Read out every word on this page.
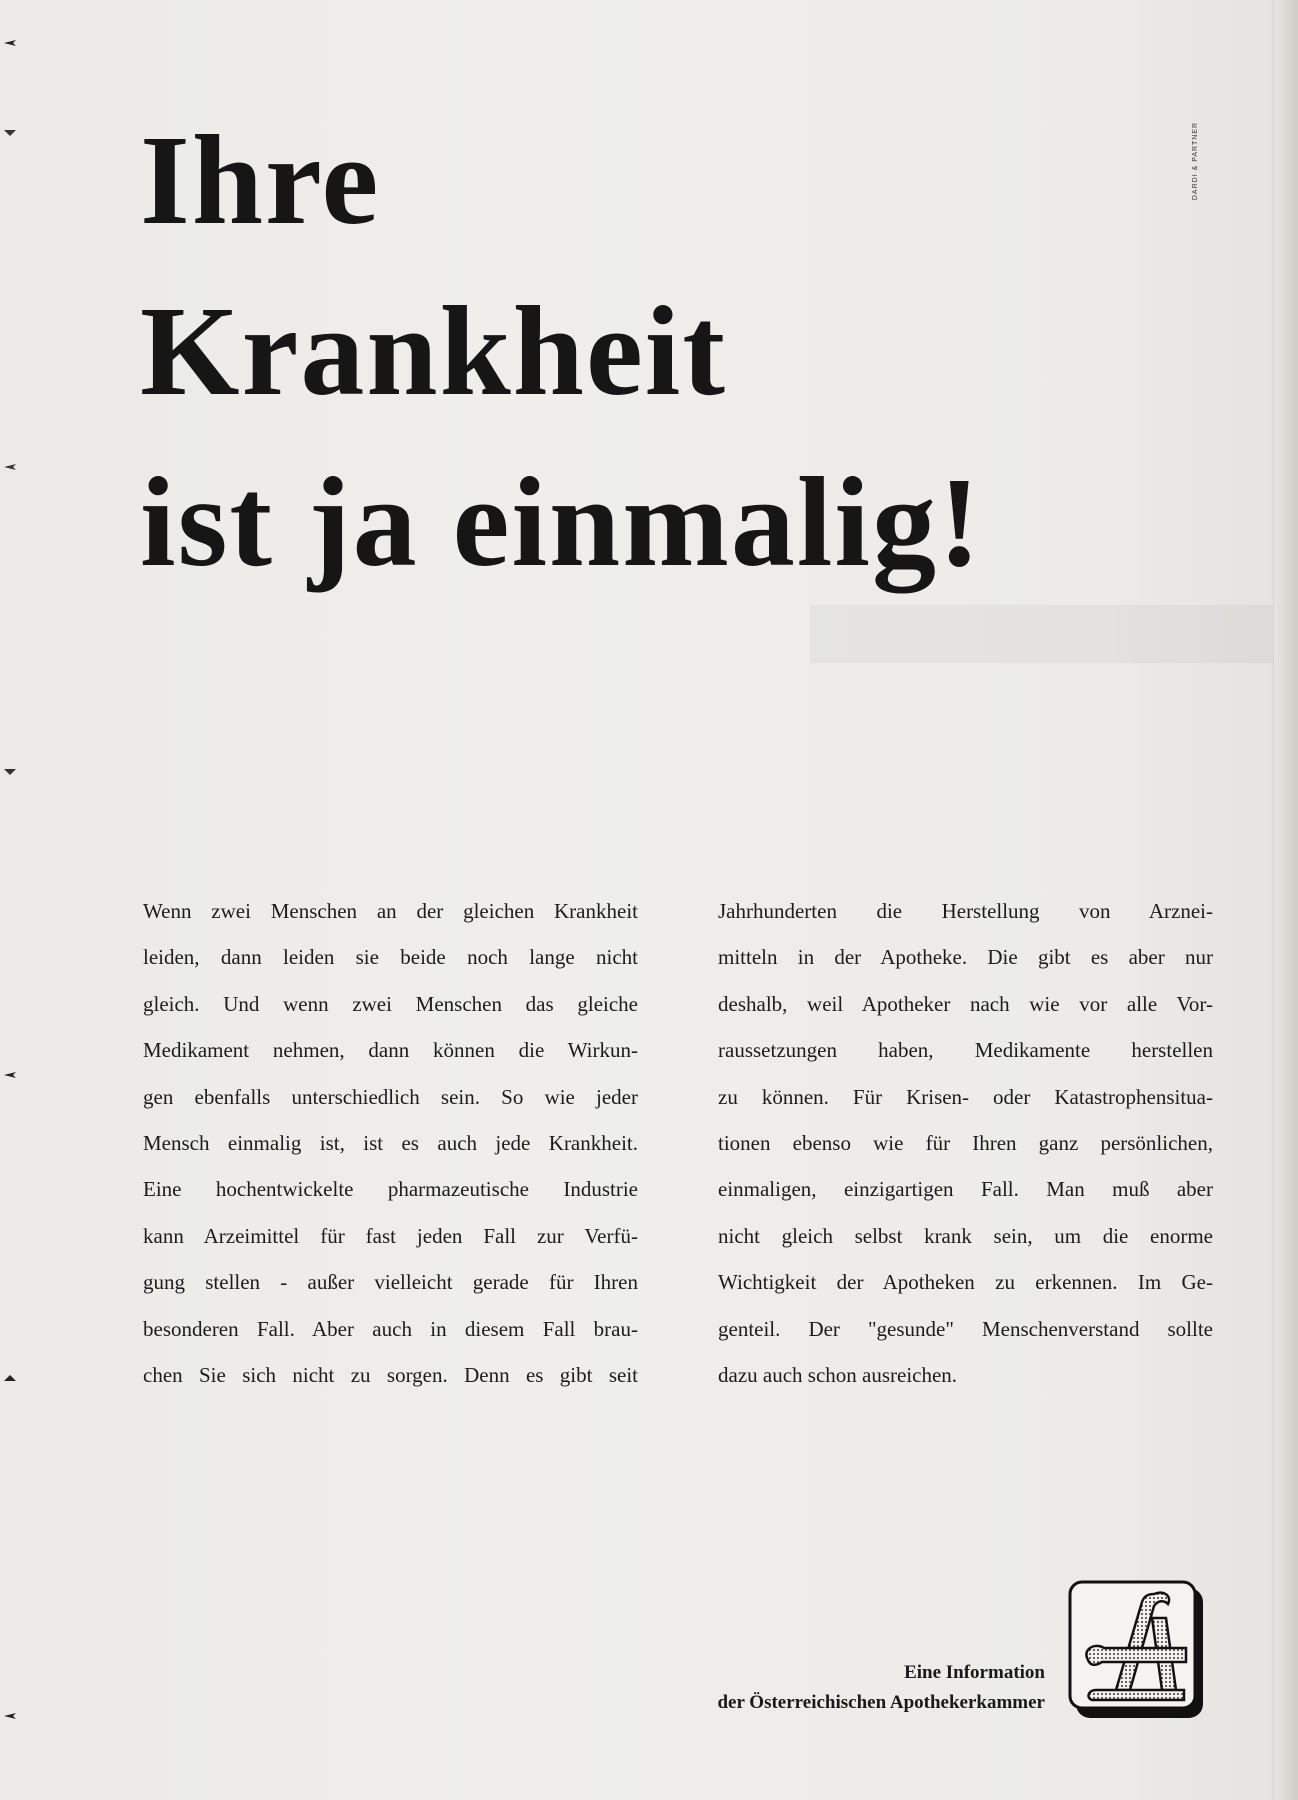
Ihre
Krankheit
ist ja einmalig!
DARDI & PARTNER
Wenn zwei Menschen an der gleichen Krankheit
leiden, dann leiden sie beide noch lange nicht
gleich. Und wenn zwei Menschen das gleiche
Medikament nehmen, dann können die Wirkun-
gen ebenfalls unterschiedlich sein. So wie jeder
Mensch einmalig ist, ist es auch jede Krankheit.
Eine hochentwickelte pharmazeutische Industrie
kann Arzeimittel für fast jeden Fall zur Verfü-
gung stellen - außer vielleicht gerade für Ihren
besonderen Fall. Aber auch in diesem Fall brau-
chen Sie sich nicht zu sorgen. Denn es gibt seit
Jahrhunderten die Herstellung von Arznei-
mitteln in der Apotheke. Die gibt es aber nur
deshalb, weil Apotheker nach wie vor alle Vor-
raussetzungen haben, Medikamente herstellen
zu können. Für Krisen- oder Katastrophensitua-
tionen ebenso wie für Ihren ganz persönlichen,
einmaligen, einzigartigen Fall. Man muß aber
nicht gleich selbst krank sein, um die enorme
Wichtigkeit der Apotheken zu erkennen. Im Ge-
genteil. Der "gesunde" Menschenverstand sollte
dazu auch schon ausreichen.
Eine Information
der Österreichischen Apothekerkammer
